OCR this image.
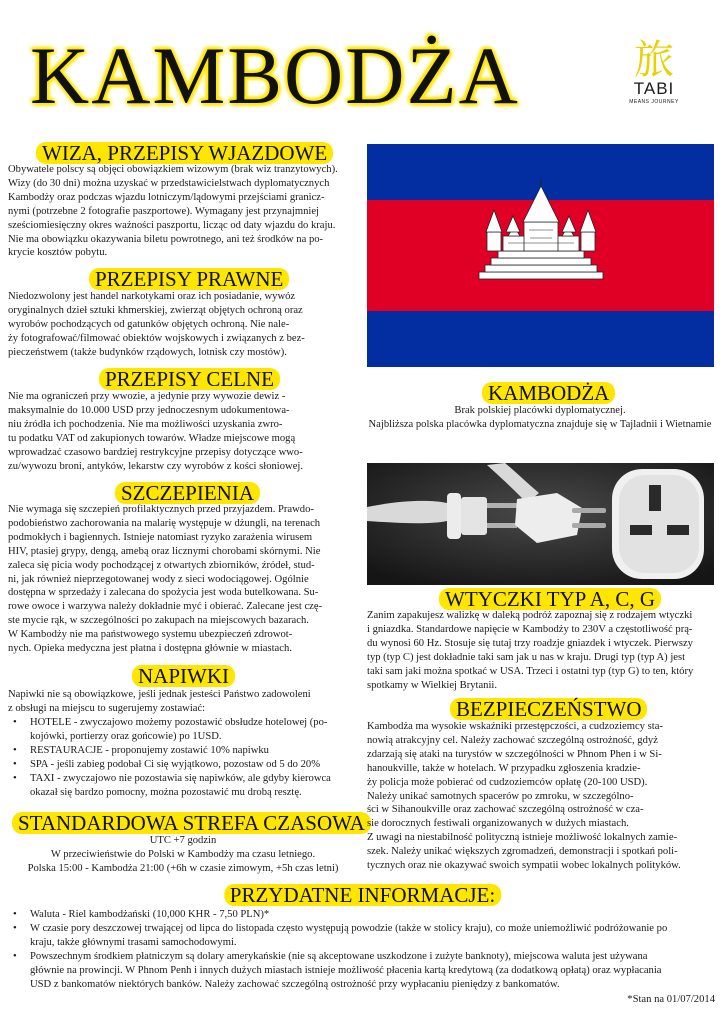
KAMBODŻA	旅
TABI
MEANS JOURNEY
WIZA, PRZEPISY WJAZDOWE
Obywatele polscy są objęci obowiązkiem wizowym (brak wiz tranzytowych).
Wizy (do 30 dni) można uzyskać w przedstawicielstwach dyplomatycznych
Kambodży oraz podczas wjazdu lotniczym/lądowymi przejściami granicz-
nymi (potrzebne 2 fotografie paszportowe). Wymagany jest przynajmniej
sześciomiesięczny okres ważności paszportu, licząc od daty wjazdu do kraju.
Nie ma obowiązku okazywania biletu powrotnego, ani też środków na po-
krycie kosztów pobytu.
PRZEPISY PRAWNE
Niedozwolony jest handel narkotykami oraz ich posiadanie, wywóz
oryginalnych dzieł sztuki khmerskiej, zwierząt objętych ochroną oraz
wyrobów pochodzących od gatunków objętych ochroną. Nie nale-
ży fotografować/filmować obiektów wojskowych i związanych z bez-
pieczeństwem (także budynków rządowych, lotnisk czy mostów).
PRZEPISY CELNE
Nie ma ograniczeń przy wwozie, a jedynie przy wywozie dewiz -
maksymalnie do 10.000 USD przy jednoczesnym udokumentowa-
niu źródła ich pochodzenia. Nie ma możliwości uzyskania zwro-
tu podatku VAT od zakupionych towarów. Władze miejscowe mogą
wprowadzać czasowo bardziej restrykcyjne przepisy dotyczące wwo-
zu/wywozu broni, antyków, lekarstw czy wyrobów z kości słoniowej.
SZCZEPIENIA
Nie wymaga się szczepień profilaktycznych przed przyjazdem. Prawdo-
podobieństwo zachorowania na malarię występuje w dżungli, na terenach
podmokłych i bagiennych. Istnieje natomiast ryzyko zarażenia wirusem
HIV, ptasiej grypy, dengą, amebą oraz licznymi chorobami skórnymi. Nie
zaleca się picia wody pochodzącej z otwartych zbiorników, źródeł, stud-
ni, jak również nieprzegotowanej wody z sieci wodociągowej. Ogólnie
dostępna w sprzedaży i zalecana do spożycia jest woda butelkowana. Su-
rowe owoce i warzywa należy dokładnie myć i obierać. Zalecane jest czę-
ste mycie rąk, w szczególności po zakupach na miejscowych bazarach.
W Kambodży nie ma państwowego systemu ubezpieczeń zdrowot-
nych. Opieka medyczna jest płatna i dostępna głównie w miastach.
NAPIWKI
Napiwki nie są obowiązkowe, jeśli jednak jesteści Państwo zadowoleni
z obsługi na miejscu to sugerujemy zostawiać:
• HOTELE - zwyczajowo możemy pozostawić obsłudze hotelowej (po-
kojówki, portierzy oraz gońcowie) po 1USD.
• RESTAURACJE - proponujemy zostawić 10% napiwku
• SPA - jeśli zabieg podobał Ci się wyjątkowo, pozostaw od 5 do 20%
• TAXI - zwyczajowo nie pozostawia się napiwków, ale gdyby kierowca
okazał się bardzo pomocny, można pozostawić mu drobą resztę.
STANDARDOWA STREFA CZASOWA
UTC +7 godzin
W przeciwieństwie do Polski w Kambodży ma czasu letniego.
Polska 15:00 - Kambodża 21:00 (+6h w czasie zimowym, +5h czas letni)
KAMBODŻA
Brak polskiej placówki dyplomatycznej.
Najbliższa polska placówka dyplomatyczna znajduje się w Tajladnii i Wietnamie
WTYCZKI TYP A, C, G
Zanim zapakujesz walizkę w daleką podróż zapoznaj się z rodzajem wtyczki
i gniazdka. Standardowe napięcie w Kambodży to 230V a częstotliwość prą-
du wynosi 60 Hz. Stosuje się tutaj trzy roadzje gniazdek i wtyczek. Pierwszy
typ (typ C) jest dokładnie taki sam jak u nas w kraju. Drugi typ (typ A) jest
taki sam jaki można spotkać w USA. Trzeci i ostatni typ (typ G) to ten, który
spotkamy w Wielkiej Brytanii.
BEZPIECZEŃSTWO
Kambodża ma wysokie wskaźniki przestępczości, a cudzoziemcy sta-
nowią atrakcyjny cel. Należy zachować szczególną ostrożność, gdyż
zdarzają się ataki na turystów w szczególności w Phnom Phen i w Si-
hanoukville, także w hotelach. W przypadku zgłoszenia kradzie-
ży policja może pobierać od cudzoziemców opłatę (20-100 USD).
Należy unikać samotnych spacerów po zmroku, w szczególno-
ści w Sihanoukville oraz zachować szczególną ostrożność w cza-
sie dorocznych festiwali organizowanych w dużych miastach.
Z uwagi na niestabilność polityczną istnieje możliwość lokalnych zamie-
szek. Należy unikać większych zgromadzeń, demonstracji i spotkań poli-
tycznych oraz nie okazywać swoich sympatii wobec lokalnych polityków.
PRZYDATNE INFORMACJE:
• Waluta - Riel kambodżański (10,000 KHR - 7,50 PLN)*
• W czasie pory deszczowej trwającej od lipca do listopada często występują powodzie (także w stolicy kraju), co może uniemożliwić podróżowanie po
kraju, także głównymi trasami samochodowymi.
• Powszechnym środkiem płatniczym są dolary amerykańskie (nie są akceptowane uszkodzone i zużyte banknoty), miejscowa waluta jest używana
głównie na prowincji. W Phnom Penh i innych dużych miastach istnieje możliwość płacenia kartą kredytową (za dodatkową opłatą) oraz wypłacania
USD z bankomatów niektórych banków. Należy zachować szczególną ostrożność przy wypłacaniu pieniędzy z bankomatów.

*Stan na 01/07/2014
